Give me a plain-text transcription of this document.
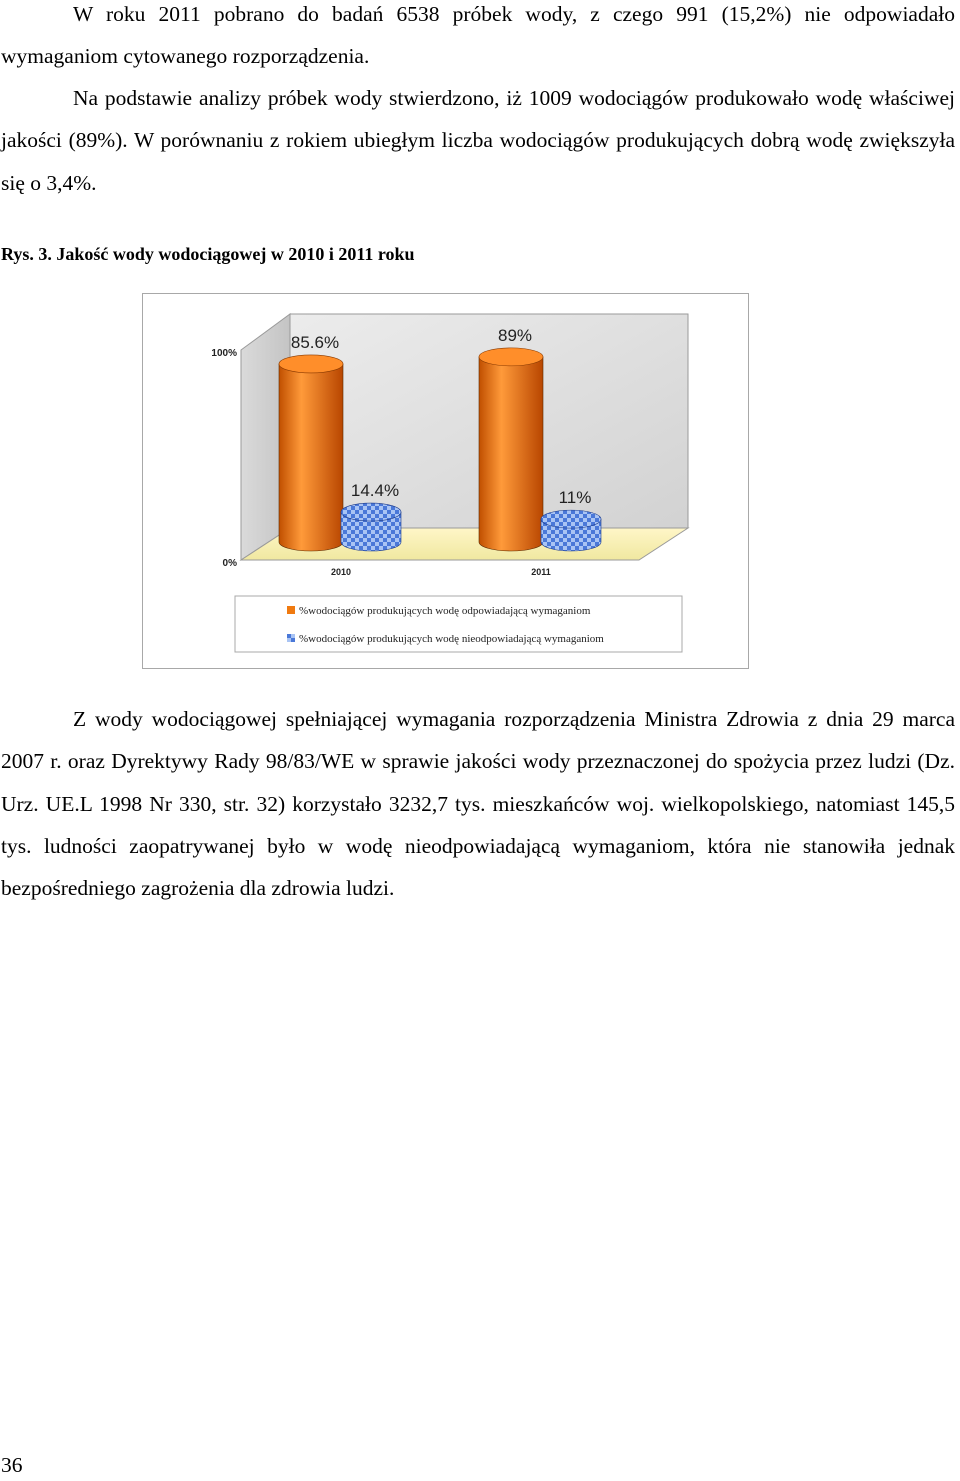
W roku 2011 pobrano do badań 6538 próbek wody, z czego 991 (15,2%) nie odpowiadało wymaganiom cytowanego rozporządzenia.

Na podstawie analizy próbek wody stwierdzono, iż 1009 wodociągów produkowało wodę właściwej jakości (89%). W porównaniu z rokiem ubiegłym liczba wodociągów produkujących dobrą wodę zwiększyła się o 3,4%.

Rys. 3. Jakość wody wodociągowej w 2010 i 2011 roku

100%
0%
85.6%
14.4%
89%
11%
2010	2011
%wodociągów produkujących wodę odpowiadającą wymaganiom
%wodociągów produkujących wodę nieodpowiadającą wymaganiom

Z wody wodociągowej spełniającej wymagania rozporządzenia Ministra Zdrowia z dnia 29 marca 2007 r. oraz Dyrektywy Rady 98/83/WE w sprawie jakości wody przeznaczonej do spożycia przez ludzi (Dz. Urz. UE.L 1998 Nr 330, str. 32) korzystało 3232,7 tys. mieszkańców woj. wielkopolskiego, natomiast 145,5 tys. ludności zaopatrywanej było w wodę nieodpowiadającą wymaganiom, która nie stanowiła jednak bezpośredniego zagrożenia dla zdrowia ludzi.

36
